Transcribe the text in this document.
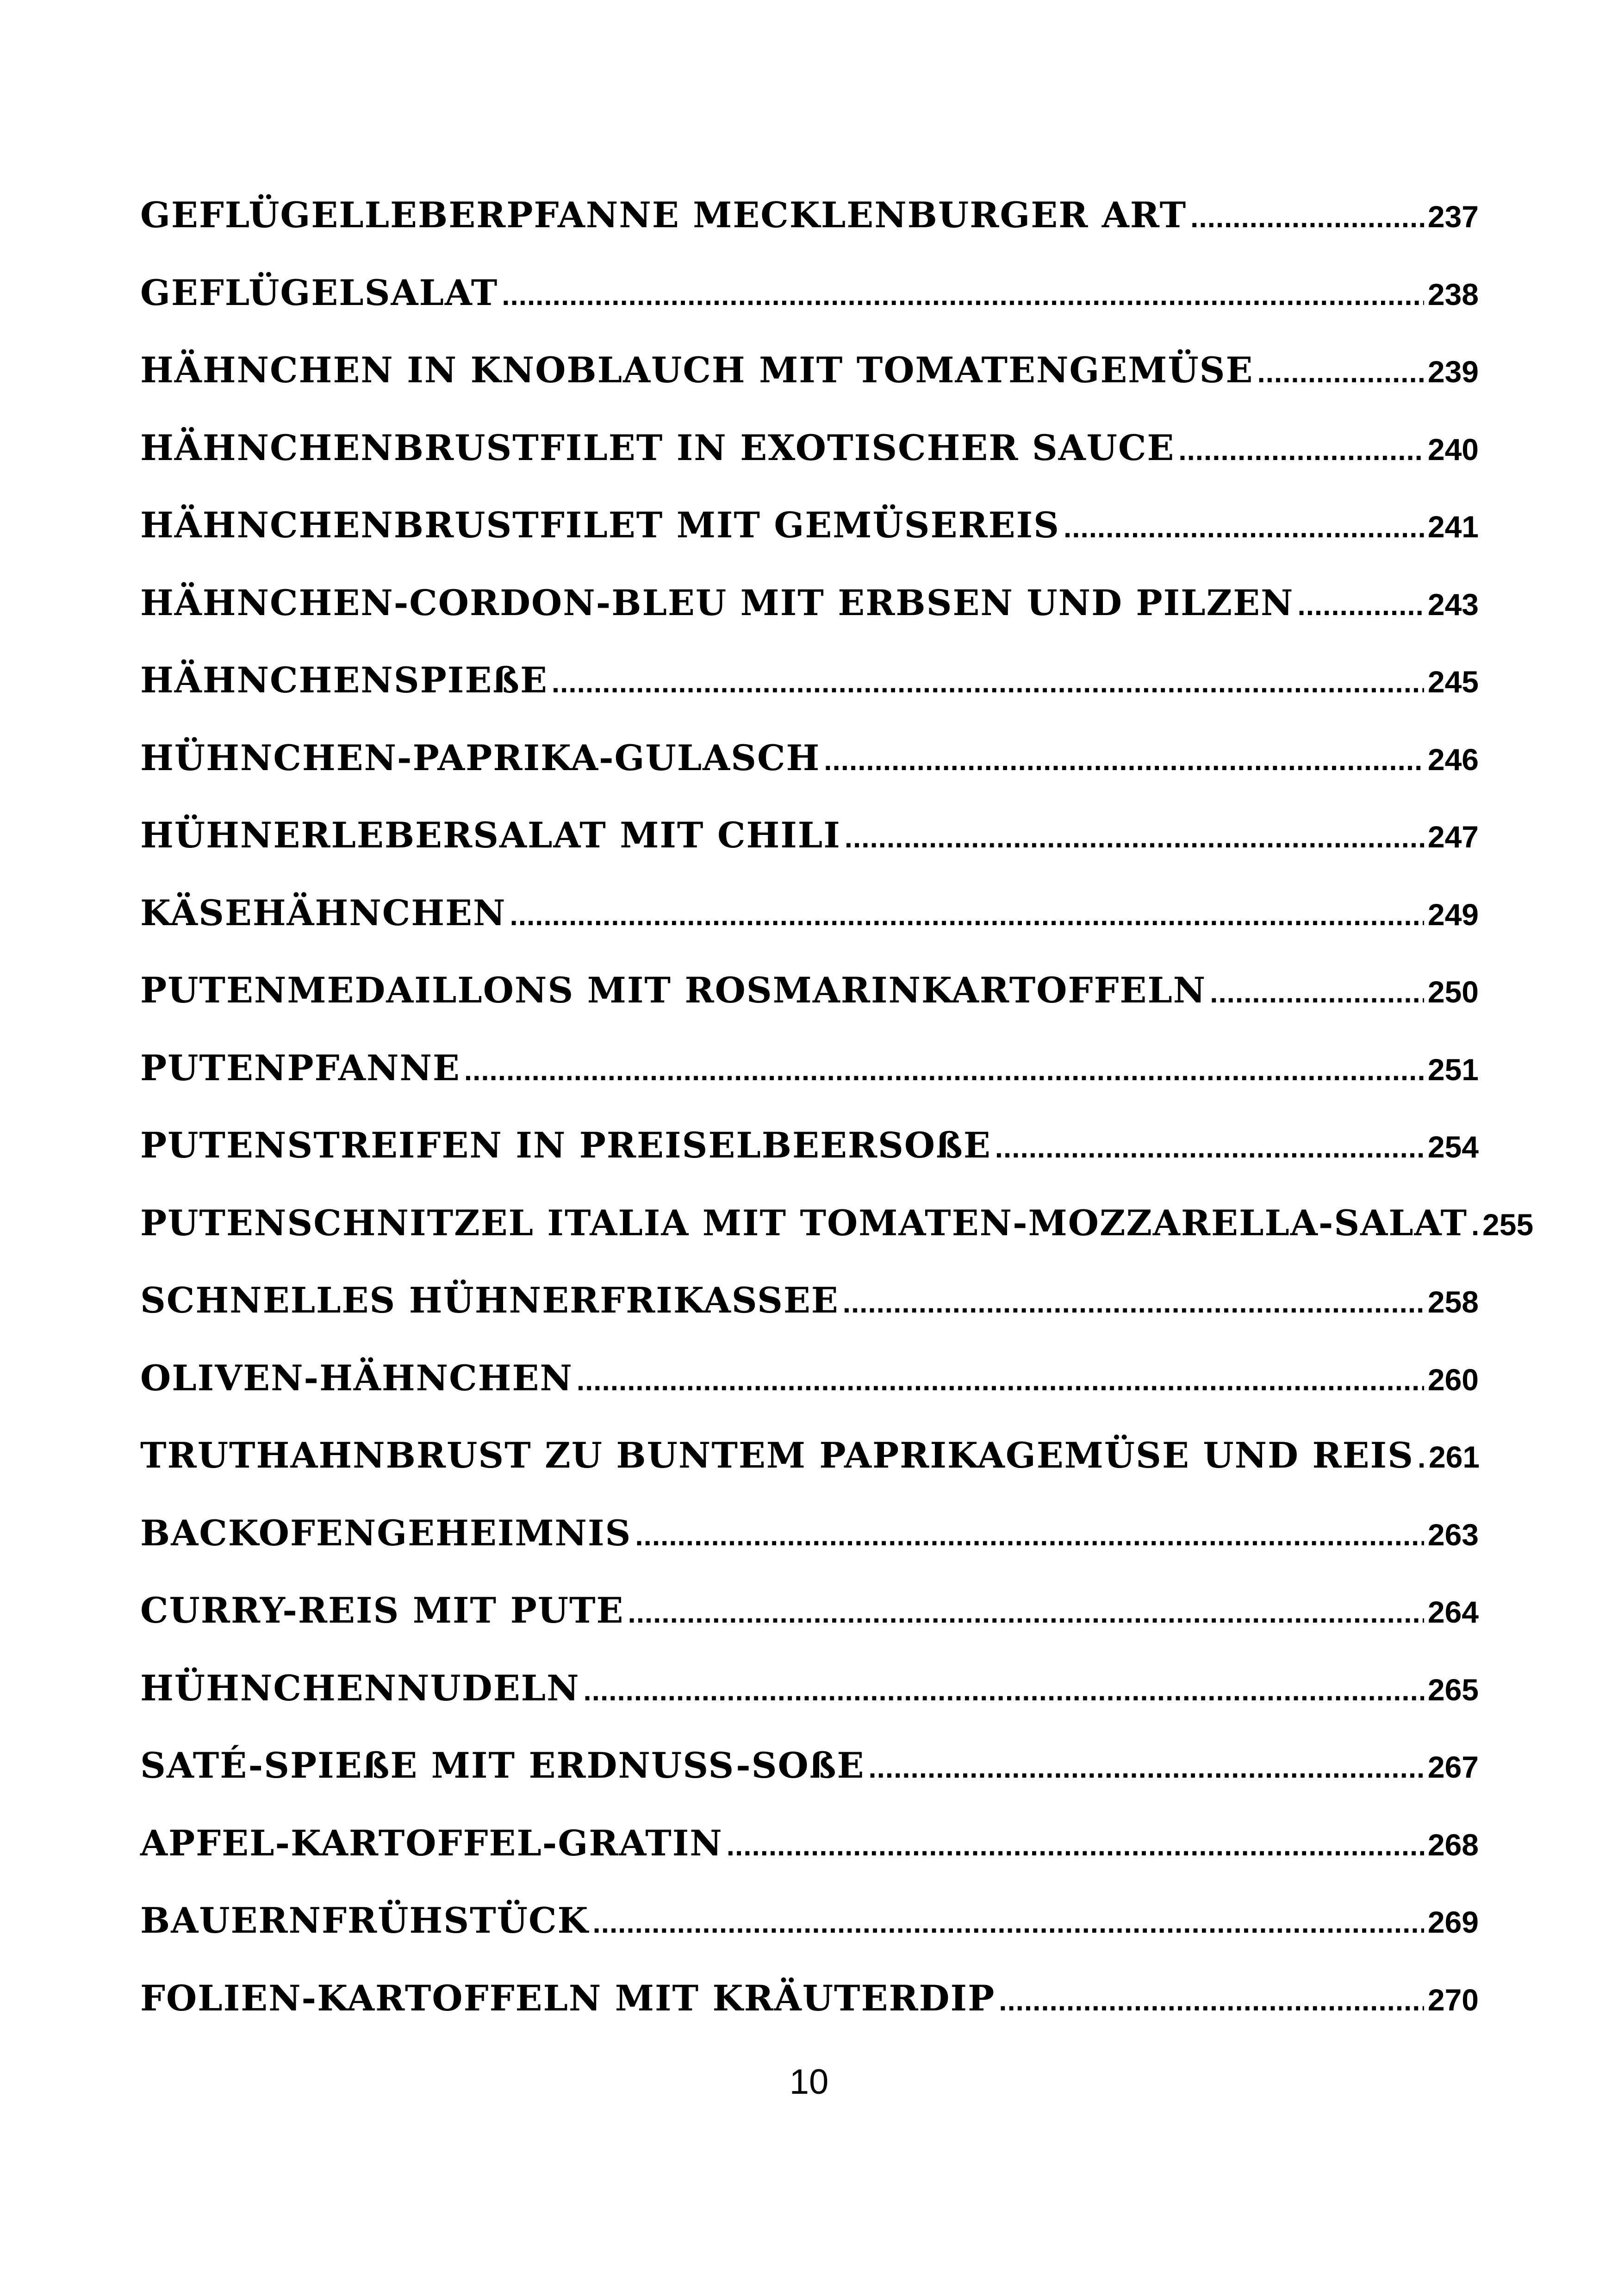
GEFLÜGELLEBERPFANNE MECKLENBURGER ART .....	237
GEFLÜGELSALAT .....	238
HÄHNCHEN IN KNOBLAUCH MIT TOMATENGEMÜSE .....	239
HÄHNCHENBRUSTFILET IN EXOTISCHER SAUCE .....	240
HÄHNCHENBRUSTFILET MIT GEMÜSEREIS .....	241
HÄHNCHEN-CORDON-BLEU MIT ERBSEN UND PILZEN .....	243
HÄHNCHENSPIEßE .....	245
HÜHNCHEN-PAPRIKA-GULASCH .....	246
HÜHNERLEBERSALAT MIT CHILI .....	247
KÄSEHÄHNCHEN .....	249
PUTENMEDAILLONS MIT ROSMARINKARTOFFELN .....	250
PUTENPFANNE .....	251
PUTENSTREIFEN IN PREISELBEERSOßE .....	254
PUTENSCHNITZEL ITALIA MIT TOMATEN-MOZZARELLA-SALAT ..... 255
SCHNELLES HÜHNERFRIKASSEE .....	258
OLIVEN-HÄHNCHEN .....	260
TRUTHAHNBRUST ZU BUNTEM PAPRIKAGEMÜSE UND REIS ..... 261
BACKOFENGEHEIMNIS .....	263
CURRY-REIS MIT PUTE .....	264
HÜHNCHENNUDELN .....	265
SATÉ-SPIEßE MIT ERDNUSS-SOßE .....	267
APFEL-KARTOFFEL-GRATIN .....	268
BAUERNFRÜHSTÜCK .....	269
FOLIEN-KARTOFFELN MIT KRÄUTERDIP .....	270
10
